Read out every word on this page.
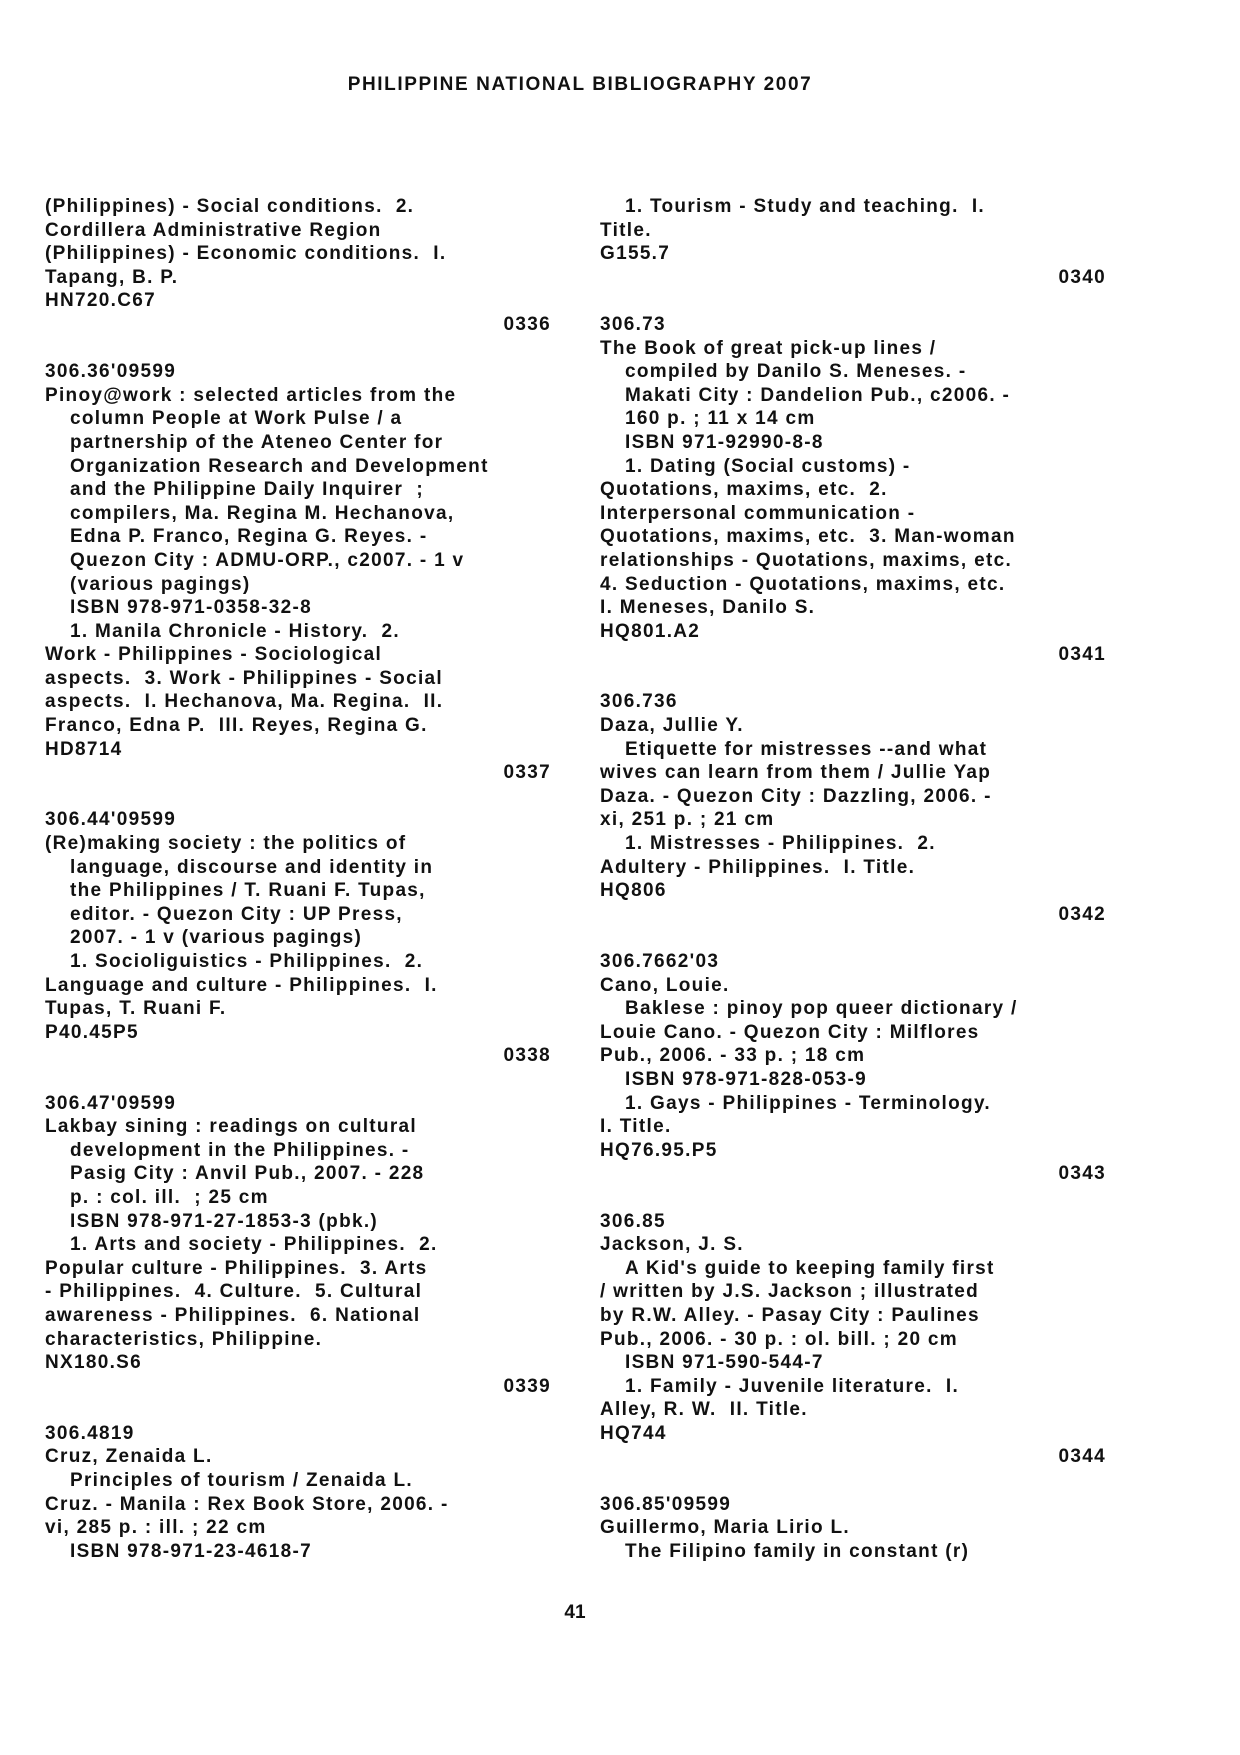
PHILIPPINE NATIONAL BIBLIOGRAPHY 2007
(Philippines) - Social conditions.  2.
Cordillera Administrative Region
(Philippines) - Economic conditions.  I.
Tapang, B. P.
HN720.C67
0336
306.36'09599
Pinoy@work : selected articles from the
column People at Work Pulse / a
partnership of the Ateneo Center for
Organization Research and Development
and the Philippine Daily Inquirer  ;
compilers, Ma. Regina M. Hechanova,
Edna P. Franco, Regina G. Reyes. -
Quezon City : ADMU-ORP., c2007. - 1 v
(various pagings)
ISBN 978-971-0358-32-8
1. Manila Chronicle - History.  2.
Work - Philippines - Sociological
aspects.  3. Work - Philippines - Social
aspects.  I. Hechanova, Ma. Regina.  II.
Franco, Edna P.  III. Reyes, Regina G.
HD8714
0337
306.44'09599
(Re)making society : the politics of
language, discourse and identity in
the Philippines / T. Ruani F. Tupas,
editor. - Quezon City : UP Press,
2007. - 1 v (various pagings)
1. Socioliguistics - Philippines.  2.
Language and culture - Philippines.  I.
Tupas, T. Ruani F.
P40.45P5
0338
306.47'09599
Lakbay sining : readings on cultural
development in the Philippines. -
Pasig City : Anvil Pub., 2007. - 228
p. : col. ill.  ; 25 cm
ISBN 978-971-27-1853-3 (pbk.)
1. Arts and society - Philippines.  2.
Popular culture - Philippines.  3. Arts
- Philippines.  4. Culture.  5. Cultural
awareness - Philippines.  6. National
characteristics, Philippine.
NX180.S6
0339
306.4819
Cruz, Zenaida L.
Principles of tourism / Zenaida L.
Cruz. - Manila : Rex Book Store, 2006. -
vi, 285 p. : ill. ; 22 cm
ISBN 978-971-23-4618-7
1. Tourism - Study and teaching.  I.
Title.
G155.7
0340
306.73
The Book of great pick-up lines /
compiled by Danilo S. Meneses. -
Makati City : Dandelion Pub., c2006. -
160 p. ; 11 x 14 cm
ISBN 971-92990-8-8
1. Dating (Social customs) -
Quotations, maxims, etc.  2.
Interpersonal communication -
Quotations, maxims, etc.  3. Man-woman
relationships - Quotations, maxims, etc.
4. Seduction - Quotations, maxims, etc.
I. Meneses, Danilo S.
HQ801.A2
0341
306.736
Daza, Jullie Y.
Etiquette for mistresses --and what
wives can learn from them / Jullie Yap
Daza. - Quezon City : Dazzling, 2006. -
xi, 251 p. ; 21 cm
1. Mistresses - Philippines.  2.
Adultery - Philippines.  I. Title.
HQ806
0342
306.7662'03
Cano, Louie.
Baklese : pinoy pop queer dictionary /
Louie Cano. - Quezon City : Milflores
Pub., 2006. - 33 p. ; 18 cm
ISBN 978-971-828-053-9
1. Gays - Philippines - Terminology.
I. Title.
HQ76.95.P5
0343
306.85
Jackson, J. S.
A Kid's guide to keeping family first
/ written by J.S. Jackson ; illustrated
by R.W. Alley. - Pasay City : Paulines
Pub., 2006. - 30 p. : ol. bill. ; 20 cm
ISBN 971-590-544-7
1. Family - Juvenile literature.  I.
Alley, R. W.  II. Title.
HQ744
0344
306.85'09599
Guillermo, Maria Lirio L.
The Filipino family in constant (r)
41
